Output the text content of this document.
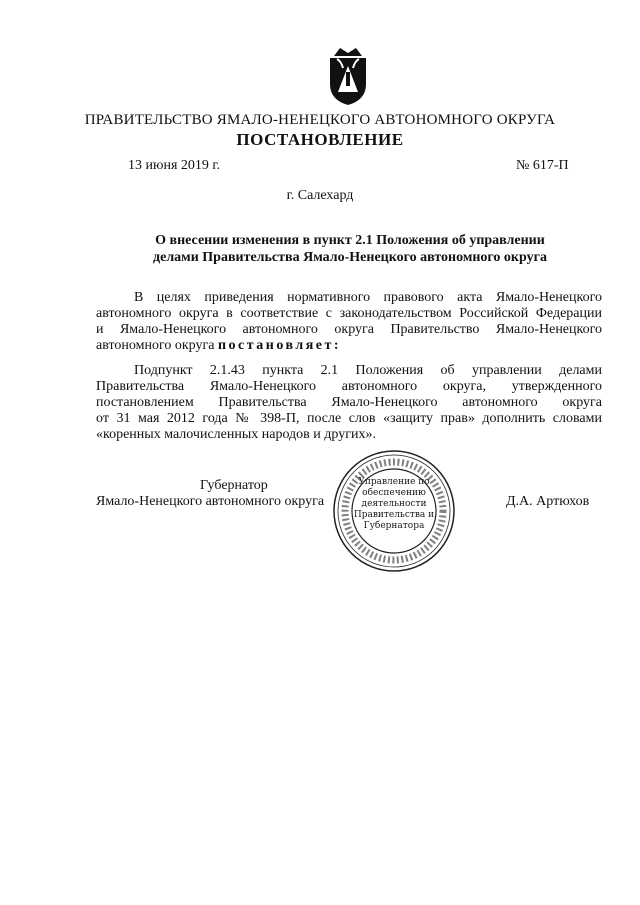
ПРАВИТЕЛЬСТВО ЯМАЛО-НЕНЕЦКОГО АВТОНОМНОГО ОКРУГА
ПОСТАНОВЛЕНИЕ
13 июня 2019 г.	№ 617-П
г. Салехард
О внесении изменения в пункт 2.1 Положения об управлении
делами Правительства Ямало-Ненецкого автономного округа
В целях приведения нормативного правового акта Ямало-Ненецкого
автономного округа в соответствие с законодательством Российской Федерации
и Ямало-Ненецкого автономного округа Правительство Ямало-Ненецкого
автономного округа постановляет:
Подпункт 2.1.43 пункта 2.1 Положения об управлении делами
Правительства Ямало-Ненецкого автономного округа, утвержденного
постановлением Правительства Ямало-Ненецкого автономного округа
от 31 мая 2012 года № 398-П, после слов «защиту прав» дополнить словами
«коренных малочисленных народов и других».
Управление по обеспечению деятельности Правительства и Губернатора
Губернатор
Ямало-Ненецкого автономного округа	Д.А. Артюхов
